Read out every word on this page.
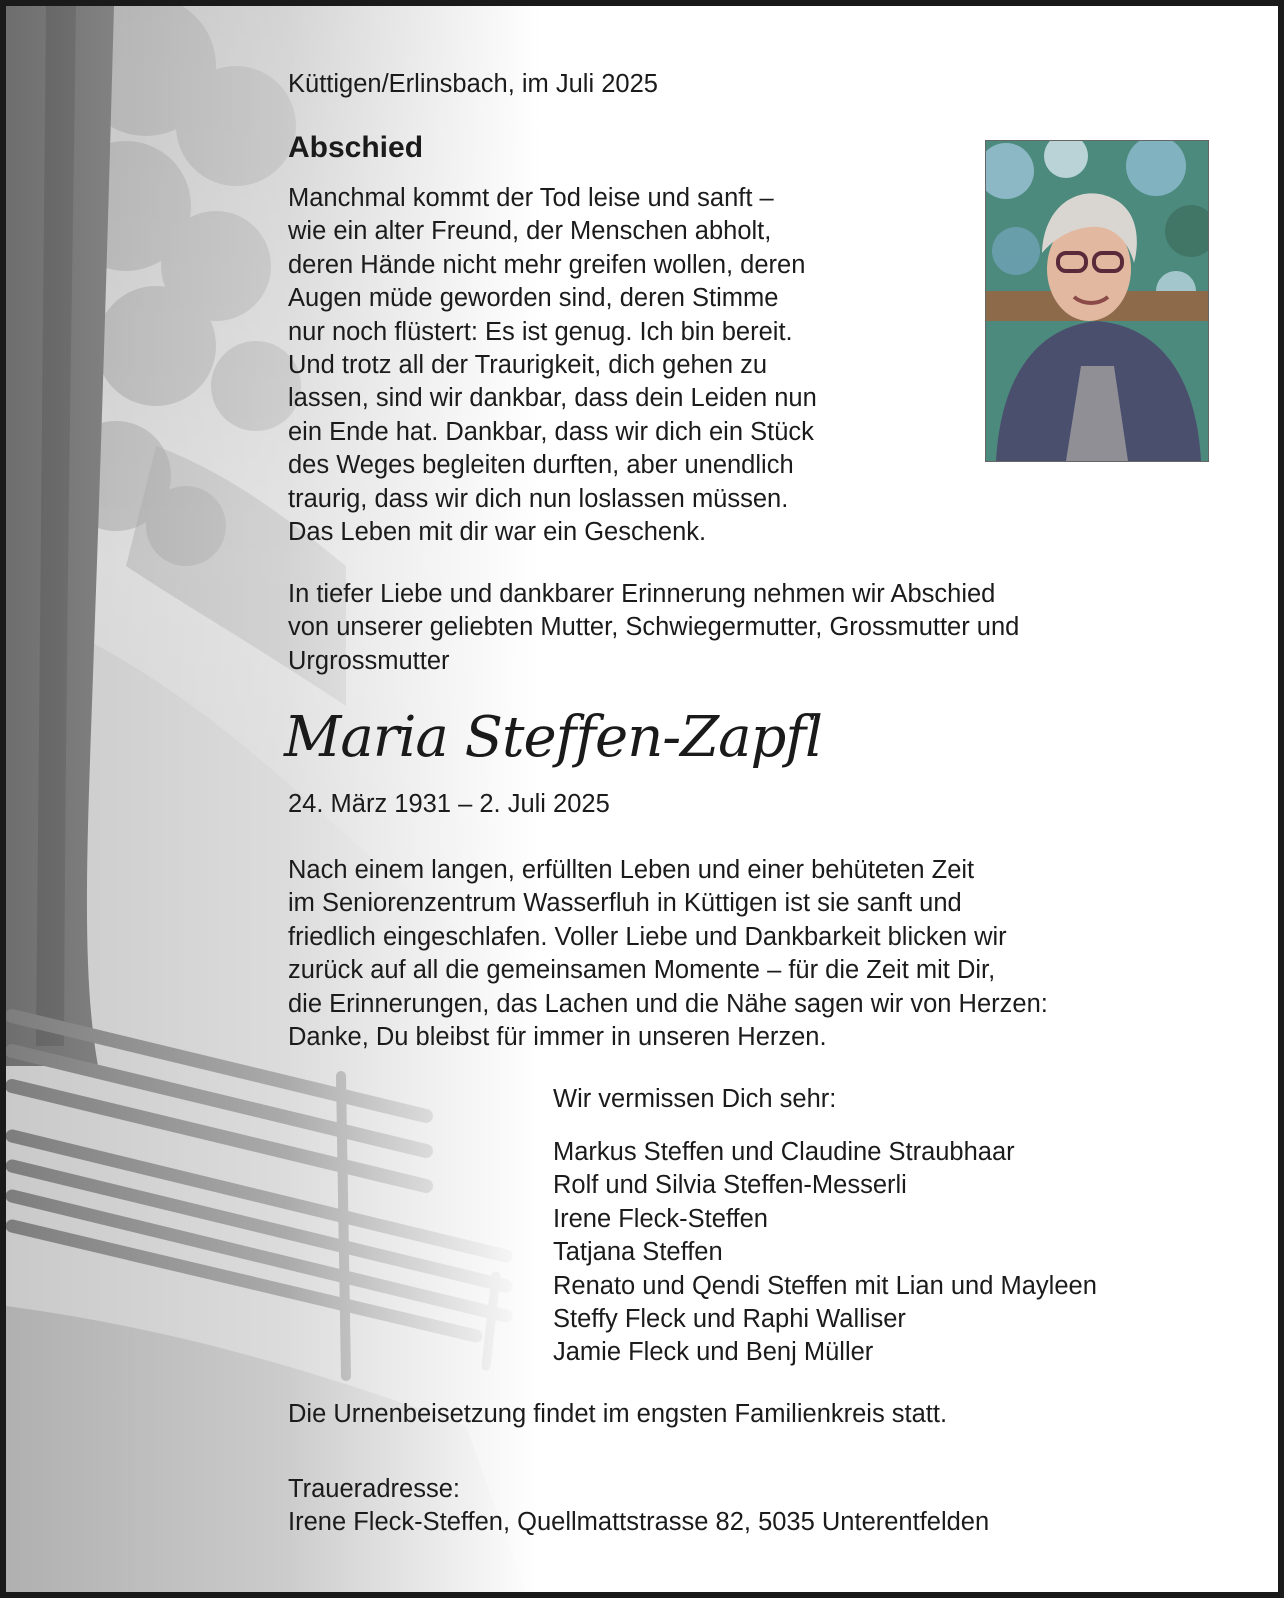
Küttigen/Erlinsbach, im Juli 2025

Abschied

Manchmal kommt der Tod leise und sanft –
wie ein alter Freund, der Menschen abholt,
deren Hände nicht mehr greifen wollen, deren
Augen müde geworden sind, deren Stimme
nur noch flüstert: Es ist genug. Ich bin bereit.
Und trotz all der Traurigkeit, dich gehen zu
lassen, sind wir dankbar, dass dein Leiden nun
ein Ende hat. Dankbar, dass wir dich ein Stück
des Weges begleiten durften, aber unendlich
traurig, dass wir dich nun loslassen müssen.
Das Leben mit dir war ein Geschenk.
In tiefer Liebe und dankbarer Erinnerung nehmen wir Abschied
von unserer geliebten Mutter, Schwiegermutter, Grossmutter und
Urgrossmutter
Maria Steffen-Zapfl

24. März 1931 – 2. Juli 2025

Nach einem langen, erfüllten Leben und einer behüteten Zeit
im Seniorenzentrum Wasserfluh in Küttigen ist sie sanft und
friedlich eingeschlafen. Voller Liebe und Dankbarkeit blicken wir
zurück auf all die gemeinsamen Momente – für die Zeit mit Dir,
die Erinnerungen, das Lachen und die Nähe sagen wir von Herzen:
Danke, Du bleibst für immer in unseren Herzen.

Wir vermissen Dich sehr:

Markus Steffen und Claudine Straubhaar
Rolf und Silvia Steffen-Messerli
Irene Fleck-Steffen
Tatjana Steffen
Renato und Qendi Steffen mit Lian und Mayleen
Steffy Fleck und Raphi Walliser
Jamie Fleck und Benj Müller

Die Urnenbeisetzung findet im engsten Familienkreis statt.

Traueradresse:

Irene Fleck-Steffen, Quellmattstrasse 82, 5035 Unterentfelden
